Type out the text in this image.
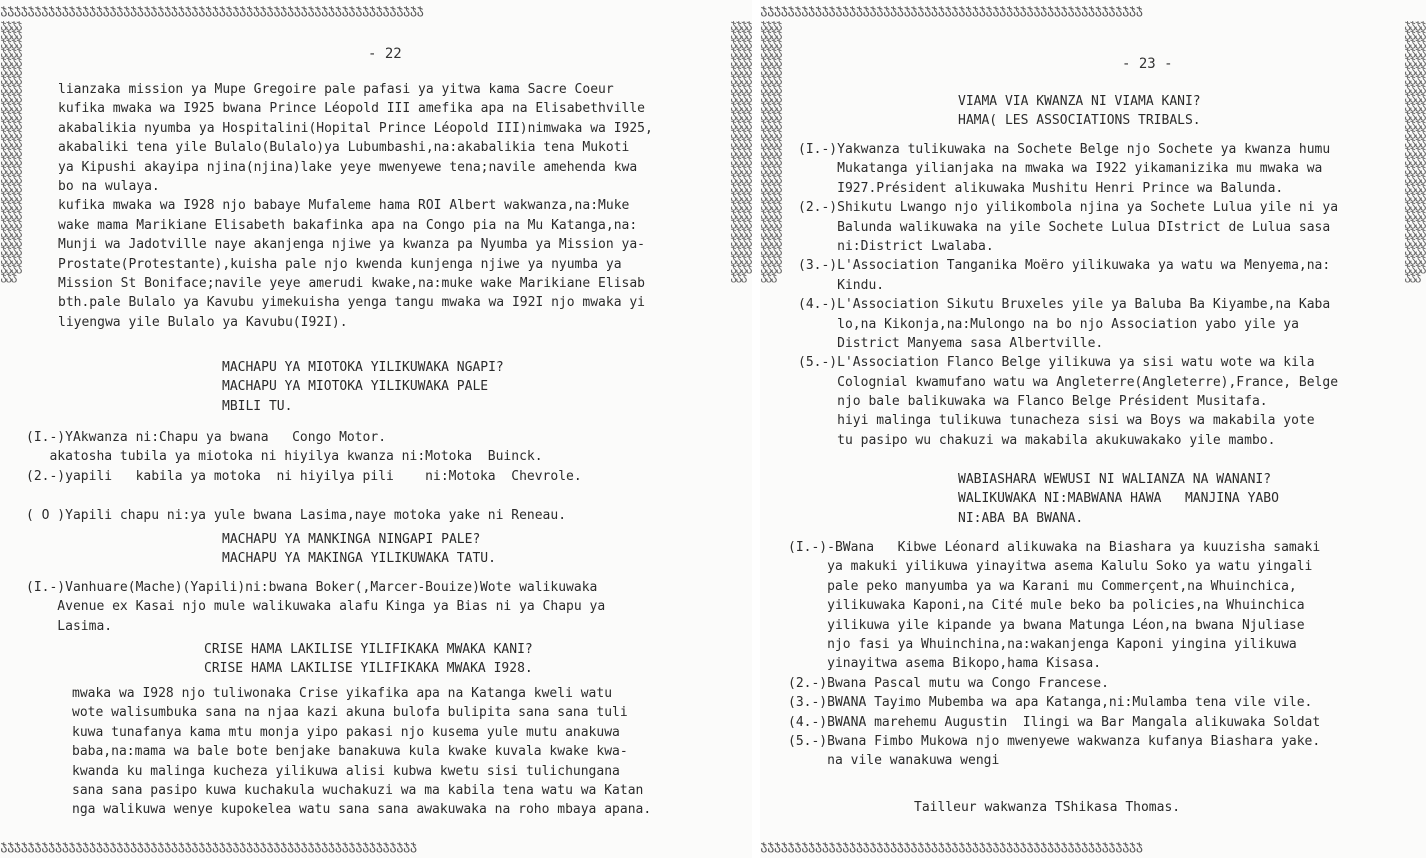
ჯჯჯჯჯჯჯჯჯჯჯჯჯჯჯჯჯჯჯჯჯჯჯჯჯჯჯჯჯჯჯჯჯჯჯჯჯჯჯჯჯჯჯჯჯჯჯჯჯჯჯჯჯჯჯჯჯჯჯჯჯჯ
ჯჯჯჯჯჯჯჯჯჯჯჯჯჯჯჯჯჯჯჯჯჯჯჯჯჯჯჯჯჯჯჯჯჯჯჯჯჯჯჯჯჯჯჯჯჯჯჯჯჯჯჯჯჯჯჯჯჯჯჯჯ
ჯჯჯჯჯჯჯჯჯჯჯჯჯჯჯჯჯჯჯჯჯჯჯჯჯჯჯჯჯჯჯჯჯჯჯჯჯჯჯჯჯჯჯჯჯჯჯჯჯჯჯჯჯჯჯჯჯჯჯჯჯჯჯჯჯჯჯჯჯჯჯჯჯჯჯჯჯჯჯჯჯჯჯჯჯჯჯჯჯჯჯჯჯჯჯჯჯჯჯჯჯჯჯჯჯჯჯჯჯჯჯჯჯჯჯ
ჯჯჯჯჯჯჯჯჯჯჯჯჯჯჯჯჯჯჯჯჯჯჯჯჯჯჯჯჯჯჯჯჯჯჯჯჯჯჯჯჯჯჯჯჯჯჯჯჯჯჯჯჯჯჯჯჯჯჯჯჯჯჯჯჯჯჯჯჯჯჯჯჯჯჯჯჯჯჯჯჯჯჯჯჯჯჯჯჯჯჯჯჯჯჯჯჯჯჯჯჯჯჯჯჯჯჯჯჯჯჯჯჯჯჯ
- 22
lianzaka mission ya Mupe Gregoire pale pafasi ya yitwa kama Sacre Coeur
kufika mwaka wa I925 bwana Prince Léopold III amefika apa na Elisabethville
akabalikia nyumba ya Hospitalini(Hopital Prince Léopold III)nimwaka wa I925,
akabaliki tena yile Bulalo(Bulalo)ya Lubumbashi,na:akabalikia tena Mukoti
ya Kipushi akayipa njina(njina)lake yeye mwenyewe tena;navile amehenda kwa
bo na wulaya.
kufika mwaka wa I928 njo babaye Mufaleme hama ROI Albert wakwanza,na:Muke
wake mama Marikiane Elisabeth bakafinka apa na Congo pia na Mu Katanga,na:
Munji wa Jadotville naye akanjenga njiwe ya kwanza pa Nyumba ya Mission ya-
Prostate(Protestante),kuisha pale njo kwenda kunjenga njiwe ya nyumba ya
Mission St Boniface;navile yeye amerudi kwake,na:muke wake Marikiane Elisab
bth.pale Bulalo ya Kavubu yimekuisha yenga tangu mwaka wa I92I njo mwaka yi
liyengwa yile Bulalo ya Kavubu(I92I).
MACHAPU YA MIOTOKA YILIKUWAKA NGAPI?
MACHAPU YA MIOTOKA YILIKUWAKA PALE
MBILI TU.
(I.-)YAkwanza ni:Chapu ya bwana   Congo Motor.
akatosha tubila ya miotoka ni hiyilya kwanza ni:Motoka  Buinck.
(2.-)yapili   kabila ya motoka  ni hiyilya pili    ni:Motoka  Chevrole.
( O )Yapili chapu ni:ya yule bwana Lasima,naye motoka yake ni Reneau.
MACHAPU YA MANKINGA NINGAPI PALE?
MACHAPU YA MAKINGA YILIKUWAKA TATU.
(I.-)Vanhuare(Mache)(Yapili)ni:bwana Boker(,Marcer-Bouize)Wote walikuwaka
Avenue ex Kasai njo mule walikuwaka alafu Kinga ya Bias ni ya Chapu ya
Lasima.
CRISE HAMA LAKILISE YILIFIKAKA MWAKA KANI?
CRISE HAMA LAKILISE YILIFIKAKA MWAKA I928.
mwaka wa I928 njo tuliwonaka Crise yikafika apa na Katanga kweli watu
wote walisumbuka sana na njaa kazi akuna bulofa bulipita sana sana tuli
kuwa tunafanya kama mtu monja yipo pakasi njo kusema yule mutu anakuwa
baba,na:mama wa bale bote benjake banakuwa kula kwake kuvala kwake kwa-
kwanda ku malinga kucheza yilikuwa alisi kubwa kwetu sisi tulichungana
sana sana pasipo kuwa kuchakula wuchakuzi wa ma kabila tena watu wa Katan
nga walikuwa wenye kupokelea watu sana sana awakuwaka na roho mbaya apana.
ჯჯჯჯჯჯჯჯჯჯჯჯჯჯჯჯჯჯჯჯჯჯჯჯჯჯჯჯჯჯჯჯჯჯჯჯჯჯჯჯჯჯჯჯჯჯჯჯჯჯჯჯჯჯჯჯ
ჯჯჯჯჯჯჯჯჯჯჯჯჯჯჯჯჯჯჯჯჯჯჯჯჯჯჯჯჯჯჯჯჯჯჯჯჯჯჯჯჯჯჯჯჯჯჯჯჯჯჯჯჯჯჯჯ
ჯჯჯჯჯჯჯჯჯჯჯჯჯჯჯჯჯჯჯჯჯჯჯჯჯჯჯჯჯჯჯჯჯჯჯჯჯჯჯჯჯჯჯჯჯჯჯჯჯჯჯჯჯჯჯჯჯჯჯჯჯჯჯჯჯჯჯჯჯჯჯჯჯჯჯჯჯჯჯჯჯჯჯჯჯჯჯჯჯჯჯჯჯჯჯჯჯჯჯჯჯჯჯჯჯჯჯჯჯჯჯჯჯჯჯ
ჯჯჯჯჯჯჯჯჯჯჯჯჯჯჯჯჯჯჯჯჯჯჯჯჯჯჯჯჯჯჯჯჯჯჯჯჯჯჯჯჯჯჯჯჯჯჯჯჯჯჯჯჯჯჯჯჯჯჯჯჯჯჯჯჯჯჯჯჯჯჯჯჯჯჯჯჯჯჯჯჯჯჯჯჯჯჯჯჯჯჯჯჯჯჯჯჯჯჯჯჯჯჯჯჯჯჯჯჯჯჯჯჯჯჯ
- 23 -
VIAMA VIA KWANZA NI VIAMA KANI?
HAMA( LES ASSOCIATIONS TRIBALS.
(I.-)Yakwanza tulikuwaka na Sochete Belge njo Sochete ya kwanza humu
Mukatanga yilianjaka na mwaka wa I922 yikamanizika mu mwaka wa
I927.Président alikuwaka Mushitu Henri Prince wa Balunda.
(2.-)Shikutu Lwango njo yilikombola njina ya Sochete Lulua yile ni ya
Balunda walikuwaka na yile Sochete Lulua DIstrict de Lulua sasa
ni:District Lwalaba.
(3.-)L'Association Tanganika Moëro yilikuwaka ya watu wa Menyema,na:
Kindu.
(4.-)L'Association Sikutu Bruxeles yile ya Baluba Ba Kiyambe,na Kaba
lo,na Kikonja,na:Mulongo na bo njo Association yabo yile ya
District Manyema sasa Albertville.
(5.-)L'Association Flanco Belge yilikuwa ya sisi watu wote wa kila
Colognial kwamufano watu wa Angleterre(Angleterre),France, Belge
njo bale balikuwaka wa Flanco Belge Président Musitafa.
hiyi malinga tulikuwa tunacheza sisi wa Boys wa makabila yote
tu pasipo wu chakuzi wa makabila akukuwakako yile mambo.
WABIASHARA WEWUSI NI WALIANZA NA WANANI?
WALIKUWAKA NI:MABWANA HAWA   MANJINA YABO
NI:ABA BA BWANA.
(I.-)-BWana   Kibwe Léonard alikuwaka na Biashara ya kuuzisha samaki
ya makuki yilikuwa yinayitwa asema Kalulu Soko ya watu yingali
pale peko manyumba ya wa Karani mu Commerçent,na Whuinchica,
yilikuwaka Kaponi,na Cité mule beko ba policies,na Whuinchica
yilikuwa yile kipande ya bwana Matunga Léon,na bwana Njuliase
njo fasi ya Whuinchina,na:wakanjenga Kaponi yingina yilikuwa
yinayitwa asema Bikopo,hama Kisasa.
(2.-)Bwana Pascal mutu wa Congo Francese.
(3.-)BWANA Tayimo Mubemba wa apa Katanga,ni:Mulamba tena vile vile.
(4.-)BWANA marehemu Augustin  Ilingi wa Bar Mangala alikuwaka Soldat
(5.-)Bwana Fimbo Mukowa njo mwenyewe wakwanza kufanya Biashara yake.
na vile wanakuwa wengi
Tailleur wakwanza TShikasa Thomas.
